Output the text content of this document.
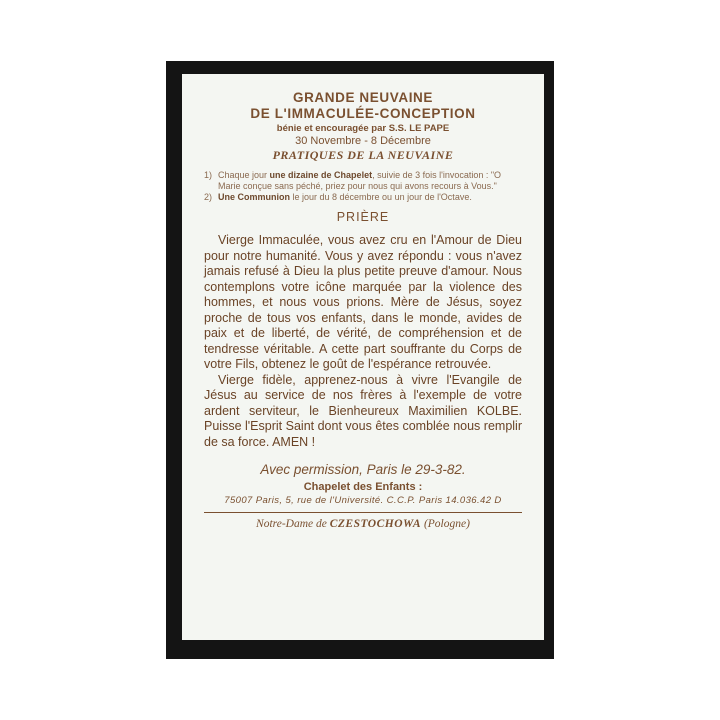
GRANDE NEUVAINE
DE L'IMMACULÉE-CONCEPTION
bénie et encouragée par S.S. LE PAPE
30 Novembre - 8 Décembre
PRATIQUES DE LA NEUVAINE
1) Chaque jour une dizaine de Chapelet, suivie de 3 fois l'invocation : "O Marie conçue sans péché, priez pour nous qui avons recours à Vous."
2) Une Communion le jour du 8 décembre ou un jour de l'Octave.
PRIÈRE

Vierge Immaculée, vous avez cru en l'Amour de Dieu pour notre humanité. Vous y avez répondu : vous n'avez jamais refusé à Dieu la plus petite preuve d'amour. Nous contemplons votre icône marquée par la violence des hommes, et nous vous prions. Mère de Jésus, soyez proche de tous vos enfants, dans le monde, avides de paix et de liberté, de vérité, de compréhension et de tendresse véritable. A cette part souffrante du Corps de votre Fils, obtenez le goût de l'espérance retrouvée.

Vierge fidèle, apprenez-nous à vivre l'Evangile de Jésus au service de nos frères à l'exemple de votre ardent serviteur, le Bienheureux Maximilien KOLBE. Puisse l'Esprit Saint dont vous êtes comblée nous remplir de sa force. AMEN !

Avec permission, Paris le 29-3-82.
Chapelet des Enfants :
75007 Paris, 5, rue de l'Université. C.C.P. Paris 14.036.42 D
Notre-Dame de CZESTOCHOWA (Pologne)
